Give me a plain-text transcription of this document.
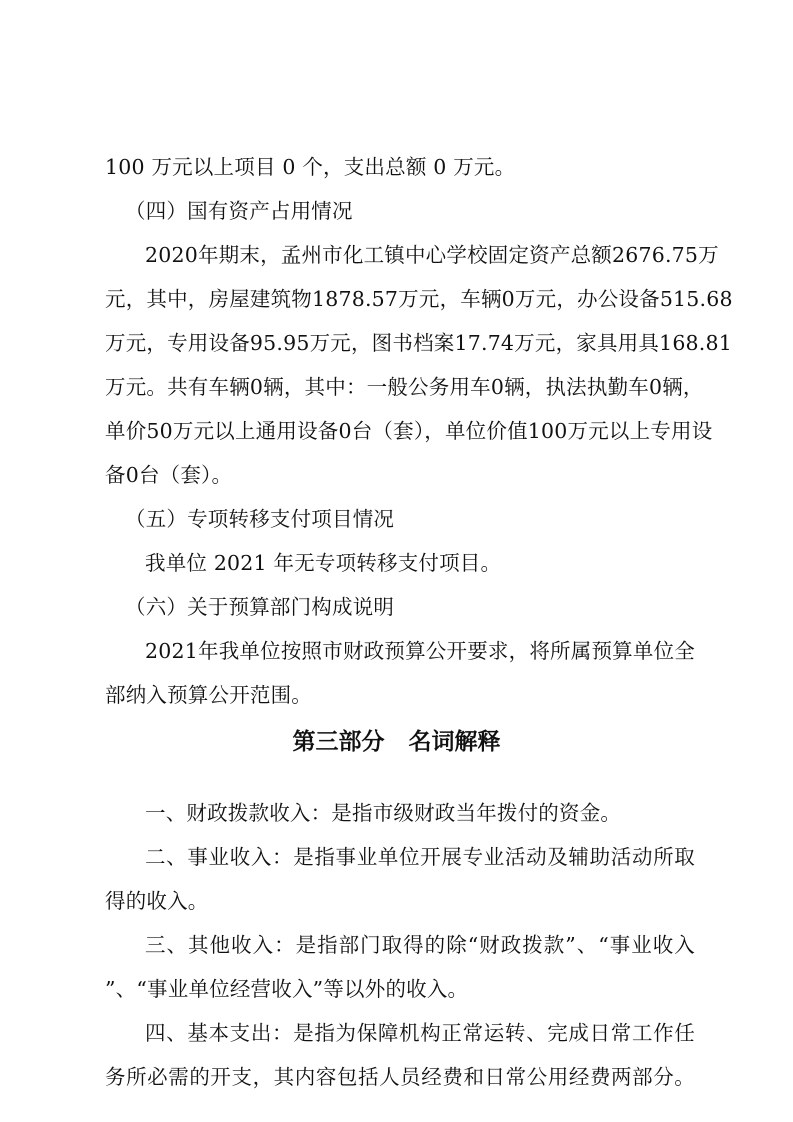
100 万元以上项目 0 个，支出总额 0 万元。
（四）国有资产占用情况
2020年期末，孟州市化工镇中心学校固定资产总额2676.75万
元，其中，房屋建筑物1878.57万元，车辆0万元，办公设备515.68
万元，专用设备95.95万元，图书档案17.74万元，家具用具168.81
万元。共有车辆0辆，其中：一般公务用车0辆，执法执勤车0辆，
单价50万元以上通用设备0台（套），单位价值100万元以上专用设
备0台（套）。
（五）专项转移支付项目情况
我单位 2021 年无专项转移支付项目。
（六）关于预算部门构成说明
2021年我单位按照市财政预算公开要求，将所属预算单位全
部纳入预算公开范围。
第三部分   名词解释
一、财政拨款收入：是指市级财政当年拨付的资金。
二、事业收入：是指事业单位开展专业活动及辅助活动所取
得的收入。
三、其他收入：是指部门取得的除“财政拨款”、“事业收入
”、“事业单位经营收入”等以外的收入。
四、基本支出：是指为保障机构正常运转、完成日常工作任
务所必需的开支，其内容包括人员经费和日常公用经费两部分。
